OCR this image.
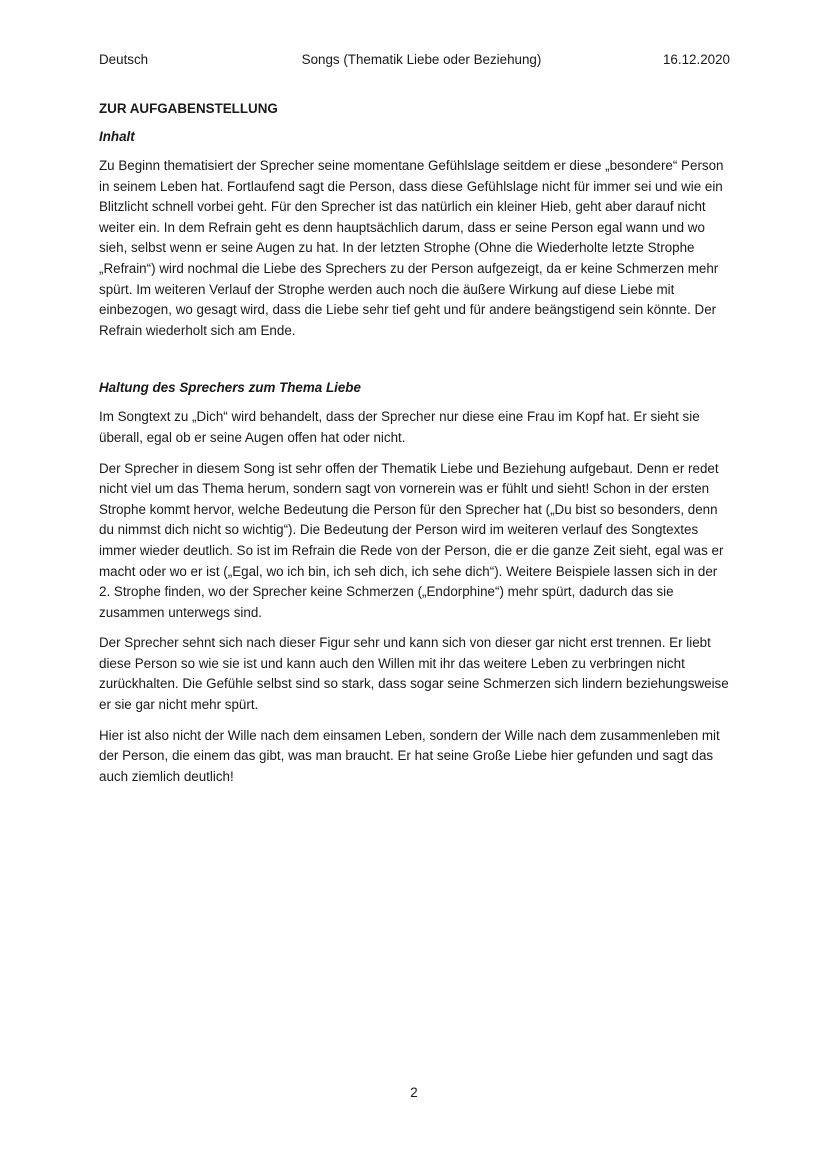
Deutsch	Songs (Thematik Liebe oder Beziehung)	16.12.2020
ZUR AUFGABENSTELLUNG
Inhalt

Zu Beginn thematisiert der Sprecher seine momentane Gefühlslage seitdem er diese „besondere“ Person in seinem Leben hat. Fortlaufend sagt die Person, dass diese Gefühlslage nicht für immer sei und wie ein Blitzlicht schnell vorbei geht. Für den Sprecher ist das natürlich ein kleiner Hieb, geht aber darauf nicht weiter ein. In dem Refrain geht es denn hauptsächlich darum, dass er seine Person egal wann und wo sieh, selbst wenn er seine Augen zu hat. In der letzten Strophe (Ohne die Wiederholte letzte Strophe „Refrain“) wird nochmal die Liebe des Sprechers zu der Person aufgezeigt, da er keine Schmerzen mehr spürt. Im weiteren Verlauf der Strophe werden auch noch die äußere Wirkung auf diese Liebe mit einbezogen, wo gesagt wird, dass die Liebe sehr tief geht und für andere beängstigend sein könnte. Der Refrain wiederholt sich am Ende.

Haltung des Sprechers zum Thema Liebe

Im Songtext zu „Dich“ wird behandelt, dass der Sprecher nur diese eine Frau im Kopf hat. Er sieht sie überall, egal ob er seine Augen offen hat oder nicht.

Der Sprecher in diesem Song ist sehr offen der Thematik Liebe und Beziehung aufgebaut. Denn er redet nicht viel um das Thema herum, sondern sagt von vornerein was er fühlt und sieht! Schon in der ersten Strophe kommt hervor, welche Bedeutung die Person für den Sprecher hat („Du bist so besonders, denn du nimmst dich nicht so wichtig“). Die Bedeutung der Person wird im weiteren verlauf des Songtextes immer wieder deutlich. So ist im Refrain die Rede von der Person, die er die ganze Zeit sieht, egal was er macht oder wo er ist („Egal, wo ich bin, ich seh dich, ich sehe dich“). Weitere Beispiele lassen sich in der 2. Strophe finden, wo der Sprecher keine Schmerzen („Endorphine“) mehr spürt, dadurch das sie zusammen unterwegs sind.

Der Sprecher sehnt sich nach dieser Figur sehr und kann sich von dieser gar nicht erst trennen. Er liebt diese Person so wie sie ist und kann auch den Willen mit ihr das weitere Leben zu verbringen nicht zurückhalten. Die Gefühle selbst sind so stark, dass sogar seine Schmerzen sich lindern beziehungsweise er sie gar nicht mehr spürt.

Hier ist also nicht der Wille nach dem einsamen Leben, sondern der Wille nach dem zusammenleben mit der Person, die einem das gibt, was man braucht. Er hat seine Große Liebe hier gefunden und sagt das auch ziemlich deutlich!

2
